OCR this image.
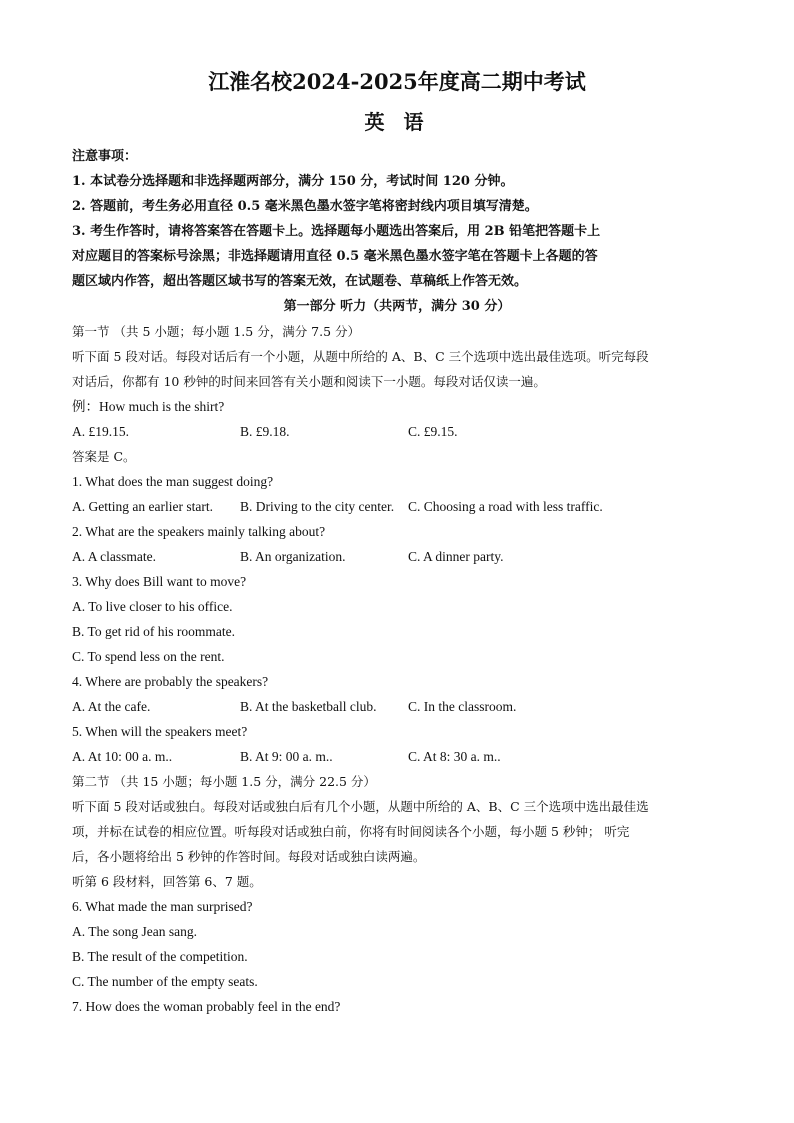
江淮名校2024-2025年度高二期中考试
英 语
注意事项：
1. 本试卷分选择题和非选择题两部分，满分 150 分，考试时间 120 分钟。
2. 答题前，考生务必用直径 0.5 毫米黑色墨水签字笔将密封线内项目填写清楚。
3. 考生作答时，请将答案答在答题卡上。选择题每小题选出答案后，用 2B 铅笔把答题卡上
对应题目的答案标号涂黑；非选择题请用直径 0.5 毫米黑色墨水签字笔在答题卡上各题的答
题区域内作答，超出答题区域书写的答案无效，在试题卷、草稿纸上作答无效。
第一部分 听力（共两节，满分 30 分）
第一节 （共 5 小题；每小题 1.5 分，满分 7.5 分）
听下面 5 段对话。每段对话后有一个小题，从题中所给的 A、B、C 三个选项中选出最佳选项。听完每段
对话后，你都有 10 秒钟的时间来回答有关小题和阅读下一小题。每段对话仅读一遍。
例：How much is the shirt?
A. £19.15.	B. £9.18.	C. £9.15.
答案是 C。
1. What does the man suggest doing?
A. Getting an earlier start.	B. Driving to the city center.	C. Choosing a road with less traffic.
2. What are the speakers mainly talking about?
A. A classmate.	B. An organization.	C. A dinner party.
3. Why does Bill want to move?
A. To live closer to his office.
B. To get rid of his roommate.
C. To spend less on the rent.
4. Where are probably the speakers?
A. At the cafe.	B. At the basketball club.	C. In the classroom.
5. When will the speakers meet?
A. At 10: 00 a. m..	B. At 9: 00 a. m..	C. At 8: 30 a. m..
第二节 （共 15 小题；每小题 1.5 分，满分 22.5 分）
听下面 5 段对话或独白。每段对话或独白后有几个小题，从题中所给的 A、B、C 三个选项中选出最佳选
项，并标在试卷的相应位置。听每段对话或独白前，你将有时间阅读各个小题，每小题 5 秒钟； 听完
后，各小题将给出 5 秒钟的作答时间。每段对话或独白读两遍。
听第 6 段材料，回答第 6、7 题。
6. What made the man surprised?
A. The song Jean sang.
B. The result of the competition.
C. The number of the empty seats.
7. How does the woman probably feel in the end?
